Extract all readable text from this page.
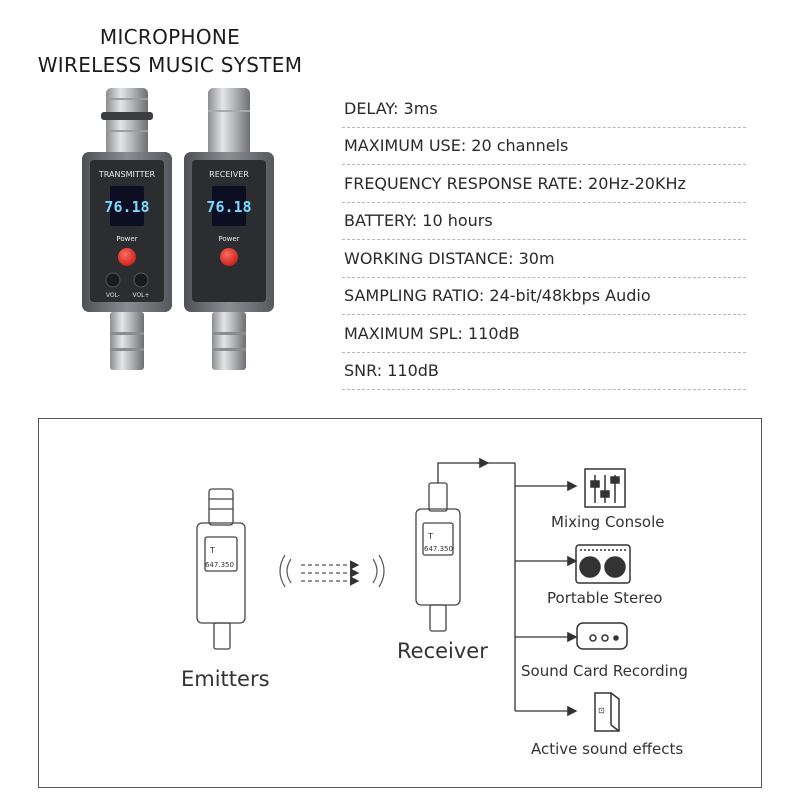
MICROPHONE
WIRELESS MUSIC SYSTEM
TRANSMITTER
76.18
Power
VOL- VOL+
RECEIVER
76.18
Power
DELAY:
3ms
MAXIMUM USE:
20 channels
FREQUENCY RESPONSE RATE:
20Hz-20KHz
BATTERY:
10 hours
WORKING DISTANCE:
30m
SAMPLING RATIO:
24-bit/48kbps Audio
MAXIMUM SPL:
110dB
SNR:
110dB
T
647.350
T
647.350
⊡
Emitters
Receiver
Mixing Console
Portable Stereo
Sound Card Recording
Active sound effects
